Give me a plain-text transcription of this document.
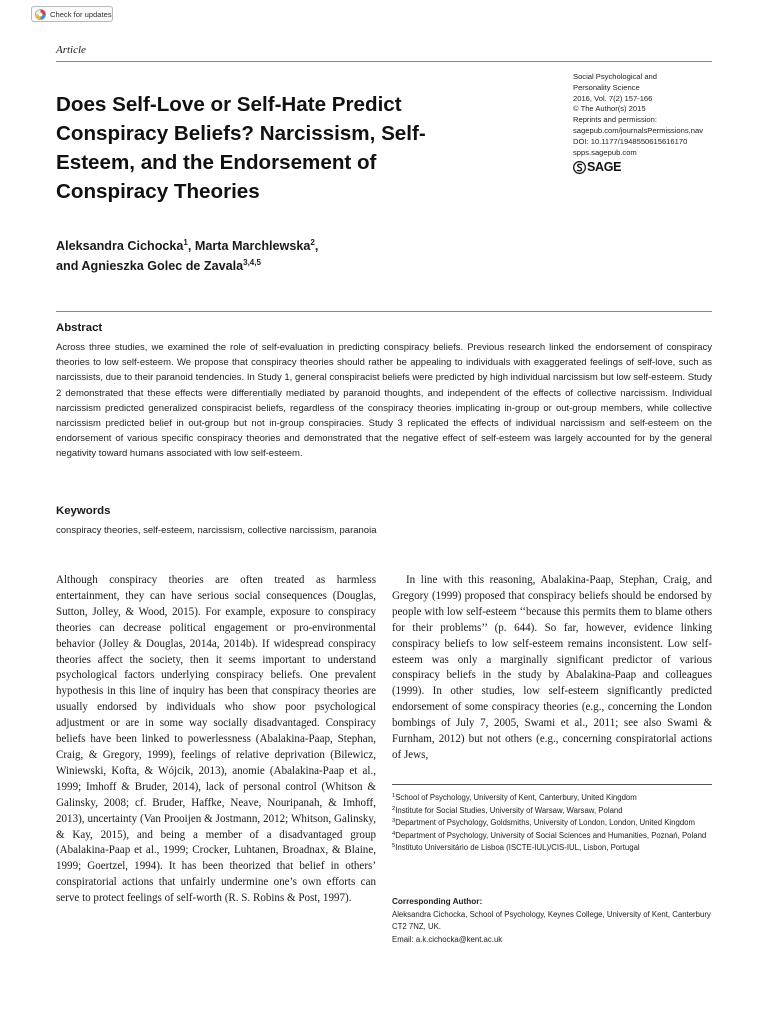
Check for updates
Article
Does Self-Love or Self-Hate Predict Conspiracy Beliefs? Narcissism, Self-Esteem, and the Endorsement of Conspiracy Theories
Social Psychological and
Personality Science
2016, Vol. 7(2) 157-166
© The Author(s) 2015
Reprints and permission:
sagepub.com/journalsPermissions.nav
DOI: 10.1177/1948550615616170
spps.sagepub.com
SAGE
Aleksandra Cichocka$^1$, Marta Marchlewska$^2$,
and Agnieszka Golec de Zavala$^{3,4,5}$
Abstract

Across three studies, we examined the role of self-evaluation in predicting conspiracy beliefs. Previous research linked the endorsement of conspiracy theories to low self-esteem. We propose that conspiracy theories should rather be appealing to individuals with exaggerated feelings of self-love, such as narcissists, due to their paranoid tendencies. In Study 1, general conspiracist beliefs were predicted by high individual narcissism but low self-esteem. Study 2 demonstrated that these effects were differentially mediated by paranoid thoughts, and independent of the effects of collective narcissism. Individual narcissism predicted generalized conspiracist beliefs, regardless of the conspiracy theories implicating in-group or out-group members, while collective narcissism predicted belief in out-group but not in-group conspiracies. Study 3 replicated the effects of individual narcissism and self-esteem on the endorsement of various specific conspiracy theories and demonstrated that the negative effect of self-esteem was largely accounted for by the general negativity toward humans associated with low self-esteem.

Keywords
conspiracy theories, self-esteem, narcissism, collective narcissism, paranoia

Although conspiracy theories are often treated as harmless entertainment, they can have serious social consequences (Douglas, Sutton, Jolley, & Wood, 2015). For example, exposure to conspiracy theories can decrease political engagement or pro-environmental behavior (Jolley & Douglas, 2014a, 2014b). If widespread conspiracy theories affect the society, then it seems important to understand psychological factors underlying conspiracy beliefs. One prevalent hypothesis in this line of inquiry has been that conspiracy theories are usually endorsed by individuals who show poor psychological adjustment or are in some way socially disadvantaged. Conspiracy beliefs have been linked to powerlessness (Abalakina-Paap, Stephan, Craig, & Gregory, 1999), feelings of relative deprivation (Bilewicz, Winiewski, Kofta, & Wójcik, 2013), anomie (Abalakina-Paap et al., 1999; Imhoff & Bruder, 2014), lack of personal control (Whitson & Galinsky, 2008; cf. Bruder, Haffke, Neave, Nouripanah, & Imhoff, 2013), uncertainty (Van Prooijen & Jostmann, 2012; Whitson, Galinsky, & Kay, 2015), and being a member of a disadvantaged group (Abalakina-Paap et al., 1999; Crocker, Luhtanen, Broadnax, & Blaine, 1999; Goertzel, 1994). It has been theorized that belief in others’ conspiratorial actions that unfairly undermine one’s own efforts can serve to protect feelings of self-worth (R. S. Robins & Post, 1997).

In line with this reasoning, Abalakina-Paap, Stephan, Craig, and Gregory (1999) proposed that conspiracy beliefs should be endorsed by people with low self-esteem ‘‘because this permits them to blame others for their problems’’ (p. 644). So far, however, evidence linking conspiracy beliefs to low self-esteem remains inconsistent. Low self-esteem was only a marginally significant predictor of various conspiracy beliefs in the study by Abalakina-Paap and colleagues (1999). In other studies, low self-esteem significantly predicted endorsement of some conspiracy theories (e.g., concerning the London bombings of July 7, 2005, Swami et al., 2011; see also Swami & Furnham, 2012) but not others (e.g., concerning conspiratorial actions of Jews,

$^1$School of Psychology, University of Kent, Canterbury, United Kingdom
$^2$Institute for Social Studies, University of Warsaw, Warsaw, Poland
$^3$Department of Psychology, Goldsmiths, University of London, London, United Kingdom
$^4$Department of Psychology, University of Social Sciences and Humanities, Poznań, Poland
$^5$Instituto Universitário de Lisboa (ISCTE-IUL)/CIS-IUL, Lisbon, Portugal
Corresponding Author:
Aleksandra Cichocka, School of Psychology, Keynes College, University of Kent, Canterbury CT2 7NZ, UK.
Email: a.k.cichocka@kent.ac.uk
